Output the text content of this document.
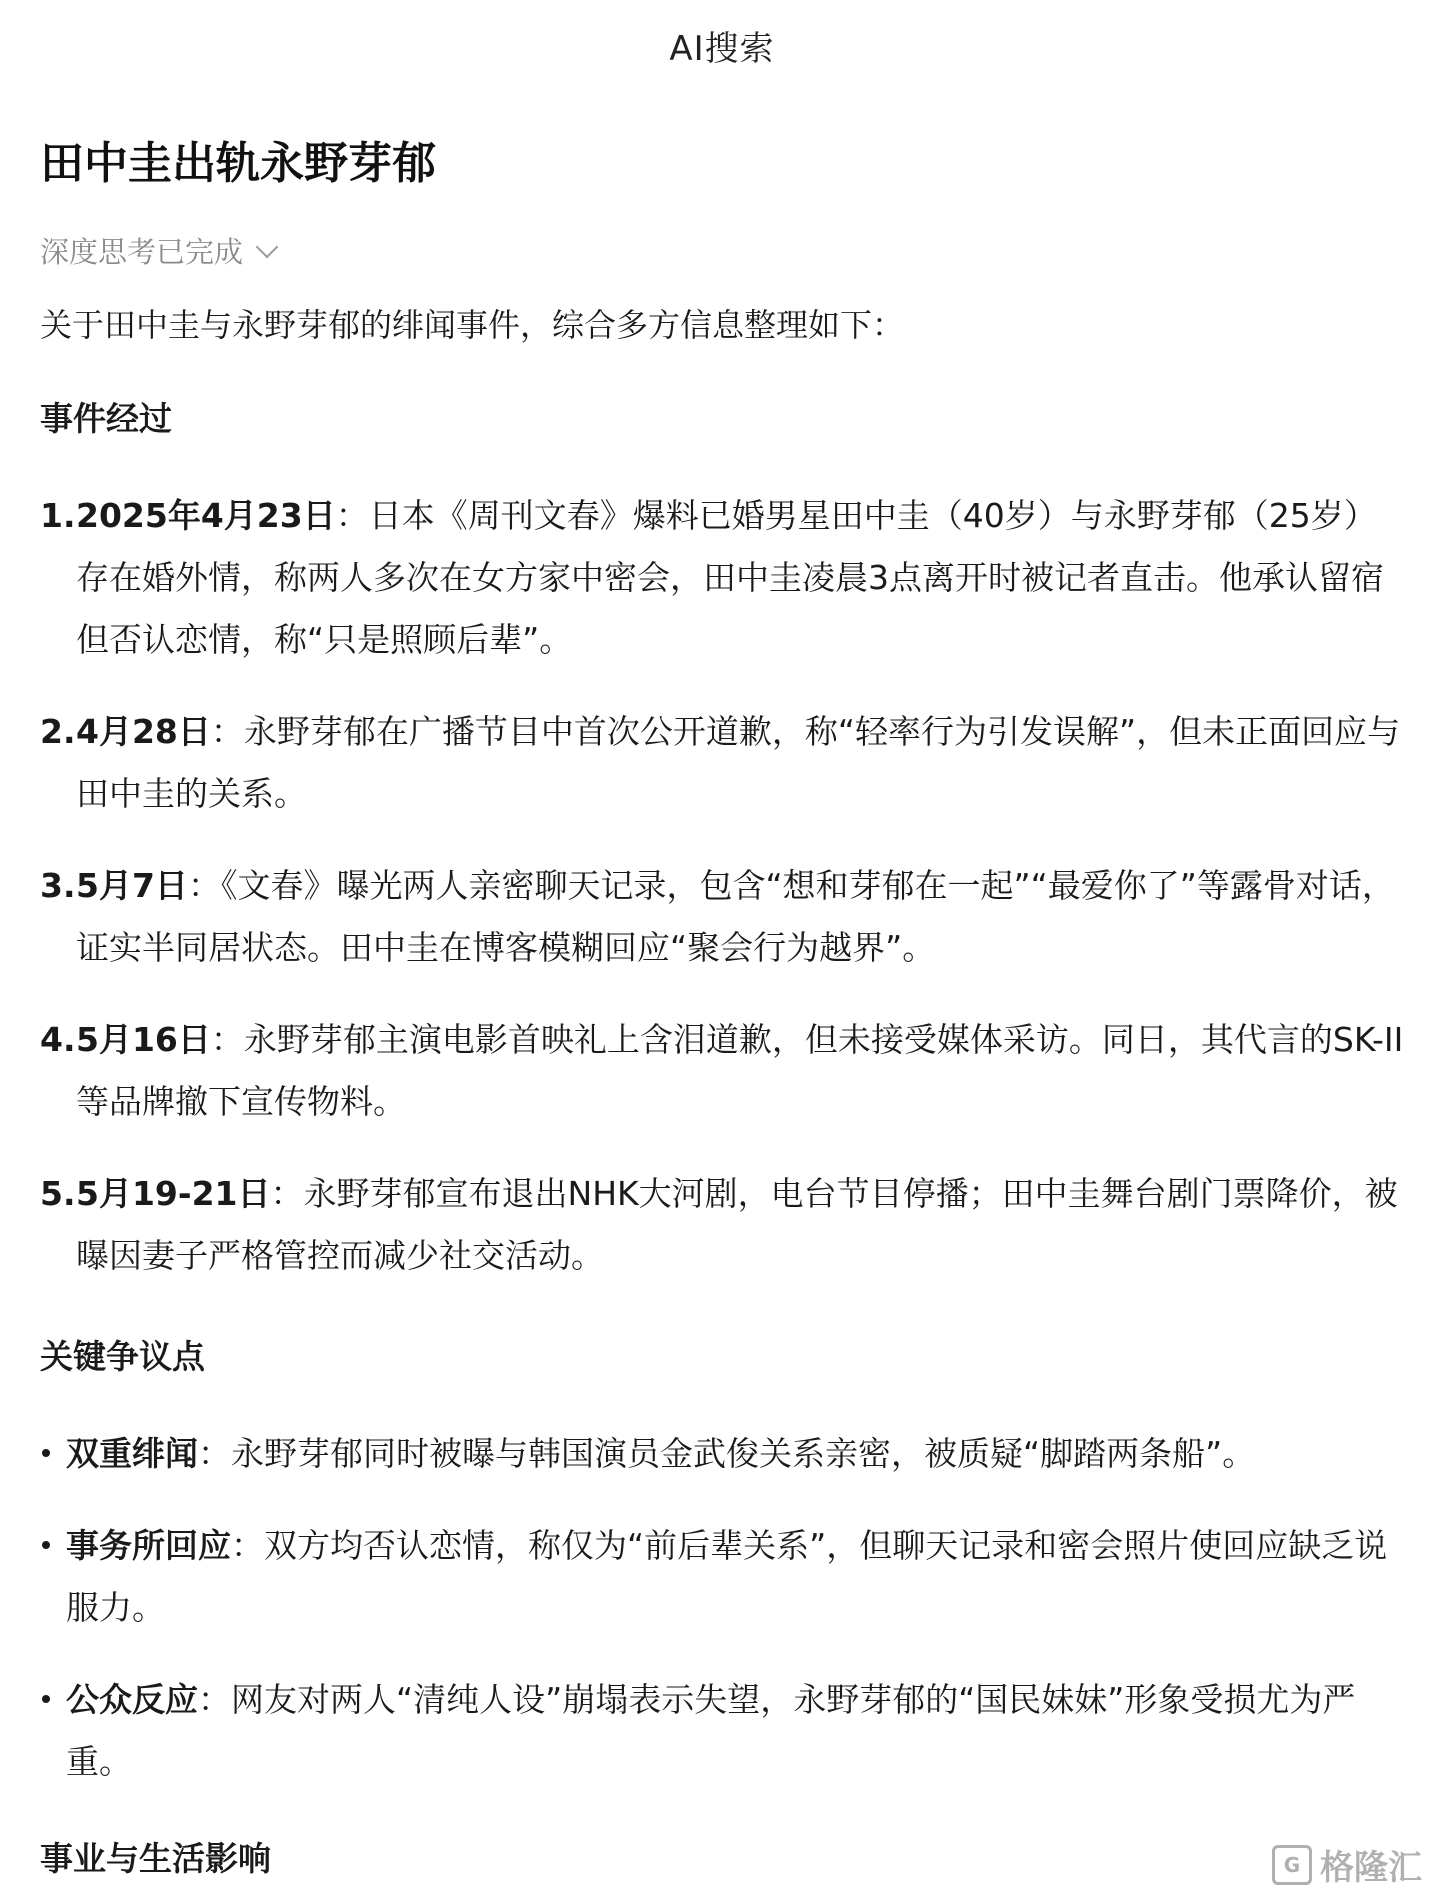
AI搜索
田中圭出轨永野芽郁
深度思考已完成
关于田中圭与永野芽郁的绯闻事件，综合多方信息整理如下：
事件经过
1. 2025年4月23日：日本《周刊文春》爆料已婚男星田中圭（40岁）与永野芽郁（25岁）存在婚外情，称两人多次在女方家中密会，田中圭凌晨3点离开时被记者直击。他承认留宿但否认恋情，称“只是照顾后辈”。
2. 4月28日：永野芽郁在广播节目中首次公开道歉，称“轻率行为引发误解”，但未正面回应与田中圭的关系。
3. 5月7日：《文春》曝光两人亲密聊天记录，包含“想和芽郁在一起”“最爱你了”等露骨对话，证实半同居状态。田中圭在博客模糊回应“聚会行为越界”。
4. 5月16日：永野芽郁主演电影首映礼上含泪道歉，但未接受媒体采访。同日，其代言的SK-II等品牌撤下宣传物料。
5. 5月19-21日：永野芽郁宣布退出NHK大河剧，电台节目停播；田中圭舞台剧门票降价，被曝因妻子严格管控而减少社交活动。
关键争议点
双重绯闻：永野芽郁同时被曝与韩国演员金武俊关系亲密，被质疑“脚踏两条船”。
事务所回应：双方均否认恋情，称仅为“前后辈关系”，但聊天记录和密会照片使回应缺乏说服力。
公众反应：网友对两人“清纯人设”崩塌表示失望，永野芽郁的“国民妹妹”形象受损尤为严重。
事业与生活影响	G 格隆汇
